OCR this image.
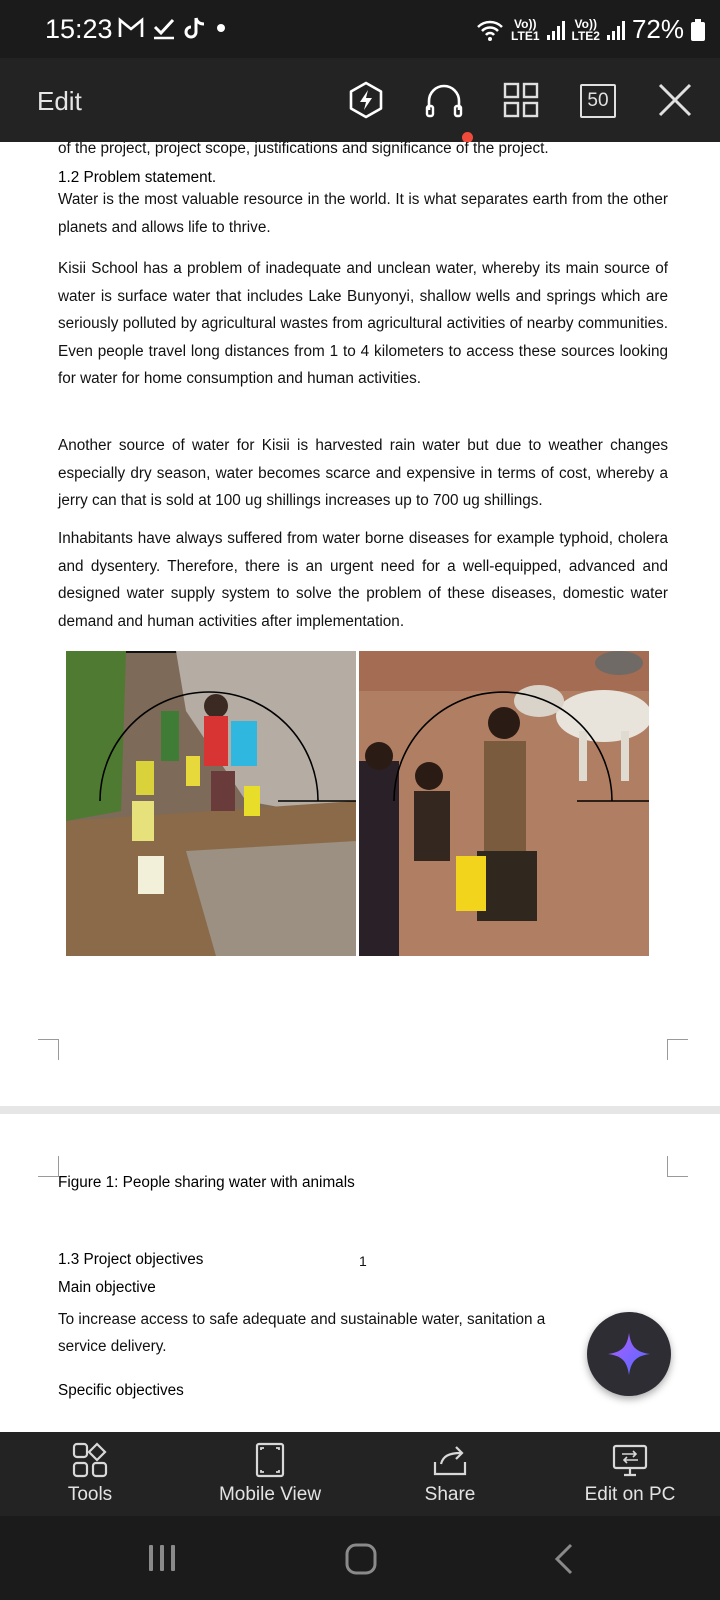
15:23	Vo))
LTE1
Vo))
LTE2 72%
Edit	50

of the project, project scope, justifications and significance of the project.

1.2 Problem statement.

Water is the most valuable resource in the world. It is what separates earth from the other planets and allows life to thrive.

Kisii School has a problem of inadequate and unclean water, whereby its main source of water is surface water that includes Lake Bunyonyi, shallow wells and springs which are seriously polluted by agricultural wastes from agricultural activities of nearby communities. Even people travel long distances from 1 to 4 kilometers to access these sources looking for water for home consumption and human activities.

Another source of water for Kisii is harvested rain water but due to weather changes especially dry season, water becomes scarce and expensive in terms of cost, whereby a jerry can that is sold at 100 ug shillings increases up to 700 ug shillings.

Inhabitants have always suffered from water borne diseases for example typhoid, cholera and dysentery. Therefore, there is an urgent need for a well-equipped, advanced and designed water supply system to solve the problem of these diseases, domestic water demand and human activities after implementation.

Figure 1: People sharing water with animals

1

1.3 Project objectives

Main objective

To increase access to safe adequate and sustainable water, sanitation a

service delivery.

Specific objectives

Tools	Mobile View	Share	Edit on PC
